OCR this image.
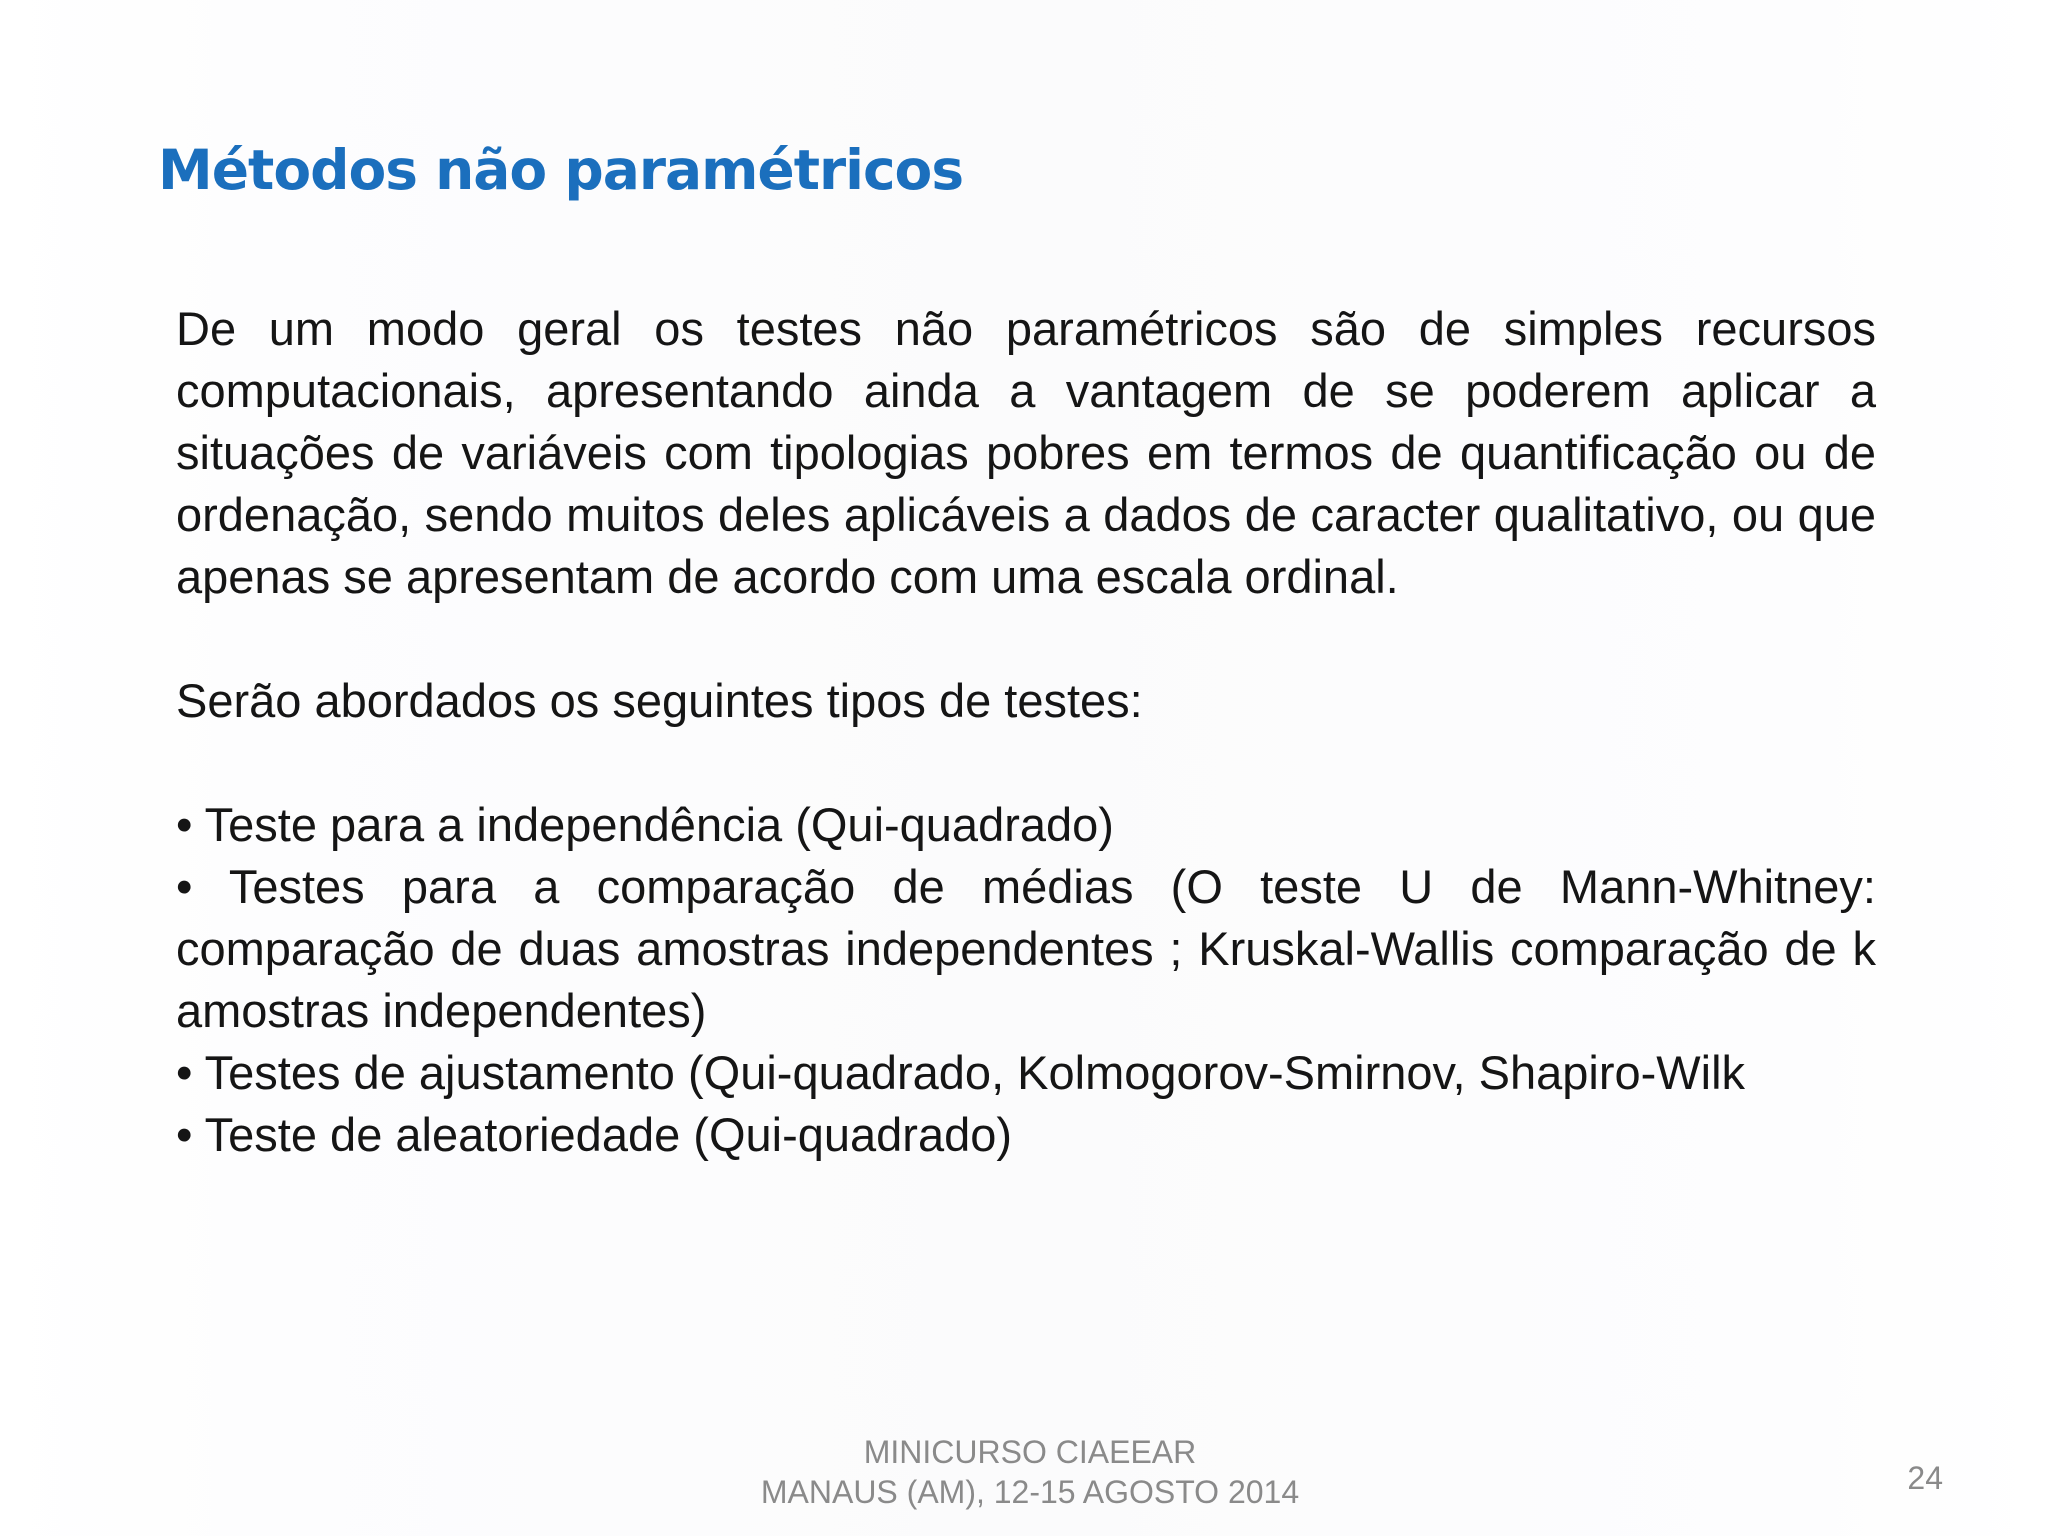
Métodos não paramétricos

De um modo geral os testes não paramétricos são de simples recursos computacionais, apresentando ainda a vantagem de se poderem aplicar a situações de variáveis com tipologias pobres em termos de quantificação ou de ordenação, sendo muitos deles aplicáveis a dados de caracter qualitativo, ou que apenas se apresentam de acordo com uma escala ordinal.

Serão abordados os seguintes tipos de testes:

• Teste para a independência (Qui-quadrado)

• Testes para a comparação de médias (O teste U de Mann-Whitney: comparação de duas amostras independentes ; Kruskal-Wallis comparação de k amostras independentes)

• Testes de ajustamento (Qui-quadrado, Kolmogorov-Smirnov, Shapiro-Wilk

• Teste de aleatoriedade (Qui-quadrado)

MINICURSO CIAEEAR
MANAUS (AM), 12-15 AGOSTO 2014	24
